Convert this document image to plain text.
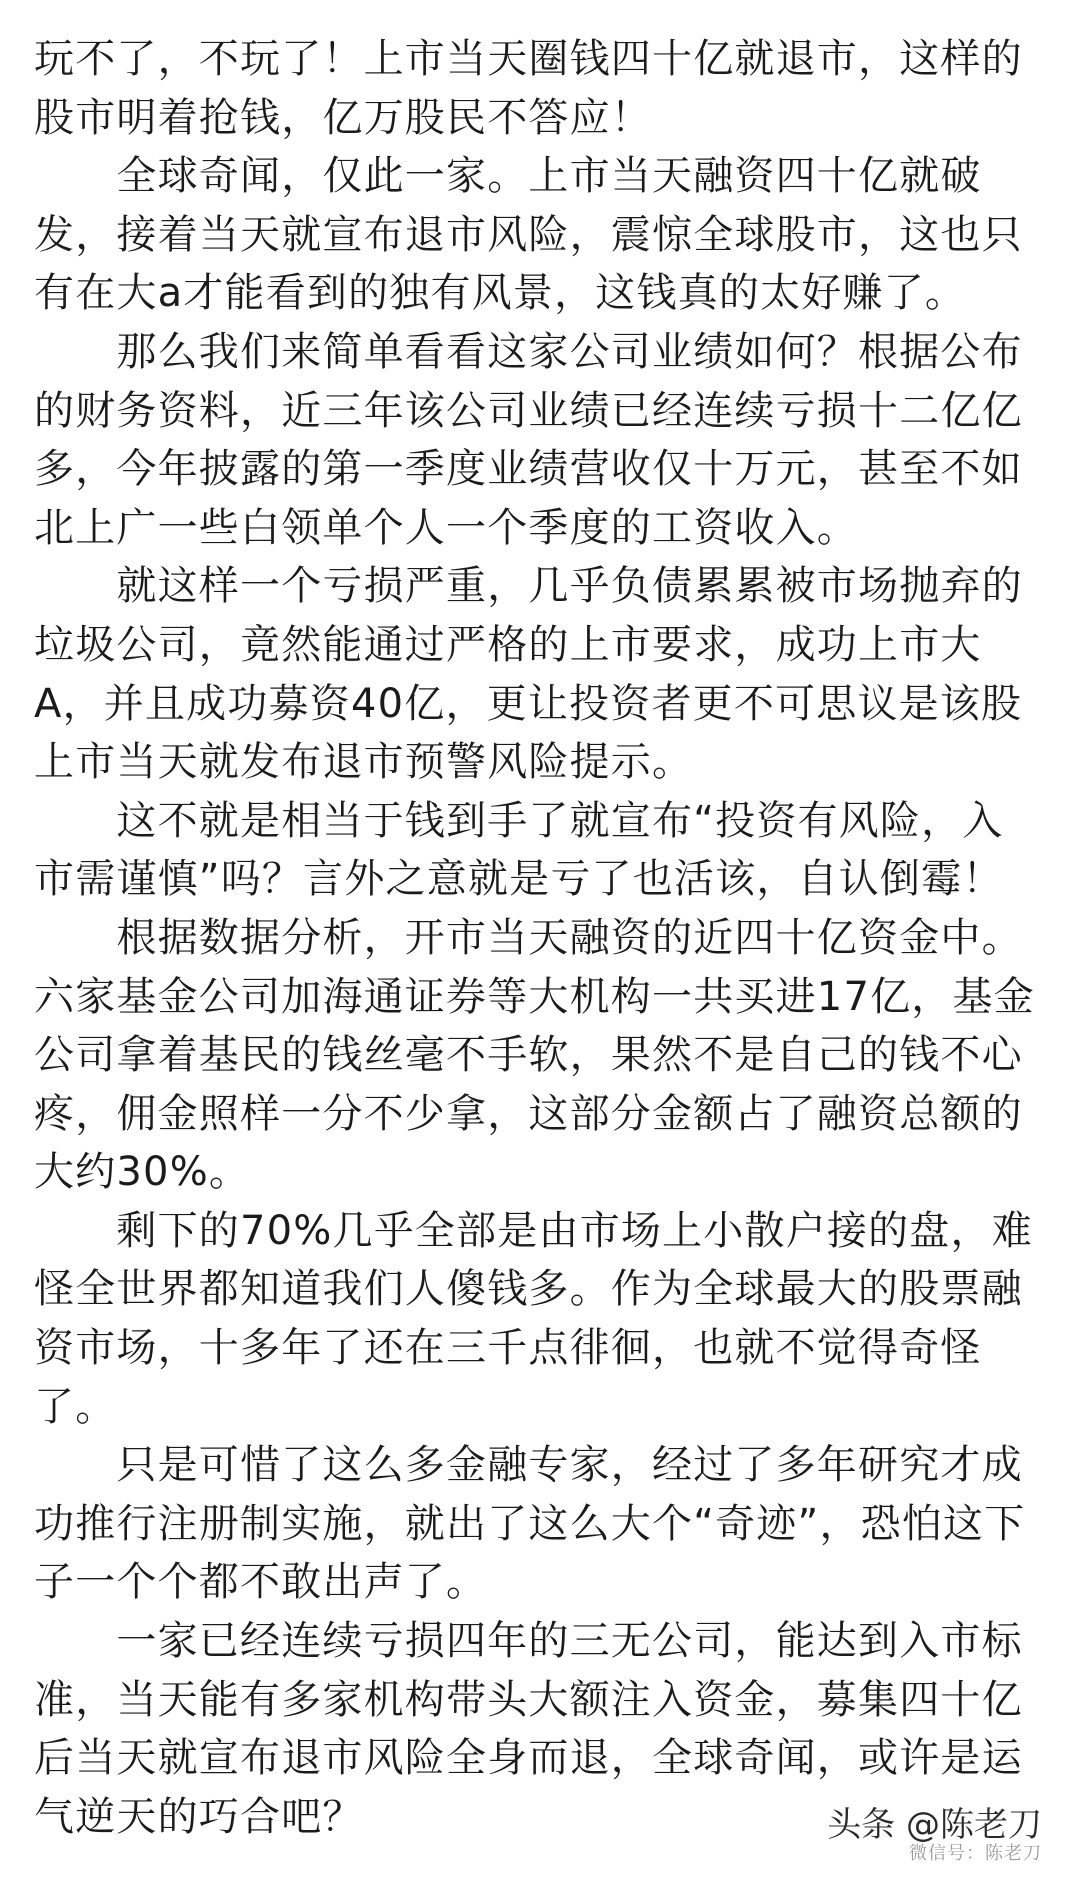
玩不了，不玩了！上市当天圈钱四十亿就退市，这样的股市明着抢钱，亿万股民不答应！

　　全球奇闻，仅此一家。上市当天融资四十亿就破发，接着当天就宣布退市风险，震惊全球股市，这也只有在大a才能看到的独有风景，这钱真的太好赚了。

　　那么我们来简单看看这家公司业绩如何？根据公布的财务资料，近三年该公司业绩已经连续亏损十二亿亿多，今年披露的第一季度业绩营收仅十万元，甚至不如北上广一些白领单个人一个季度的工资收入。

　　就这样一个亏损严重，几乎负债累累被市场抛弃的垃圾公司，竟然能通过严格的上市要求，成功上市大A，并且成功募资40亿，更让投资者更不可思议是该股上市当天就发布退市预警风险提示。

　　这不就是相当于钱到手了就宣布“投资有风险，入市需谨慎”吗？言外之意就是亏了也活该，自认倒霉！

　　根据数据分析，开市当天融资的近四十亿资金中。六家基金公司加海通证券等大机构一共买进17亿，基金公司拿着基民的钱丝毫不手软，果然不是自己的钱不心疼，佣金照样一分不少拿，这部分金额占了融资总额的大约30%。

　　剩下的70%几乎全部是由市场上小散户接的盘，难怪全世界都知道我们人傻钱多。作为全球最大的股票融资市场，十多年了还在三千点徘徊，也就不觉得奇怪了。

　　只是可惜了这么多金融专家，经过了多年研究才成功推行注册制实施，就出了这么大个“奇迹”，恐怕这下子一个个都不敢出声了。

　　一家已经连续亏损四年的三无公司，能达到入市标准，当天能有多家机构带头大额注入资金，募集四十亿后当天就宣布退市风险全身而退，全球奇闻，或许是运气逆天的巧合吧？	头条 @陈老刀
微信号：陈老刀
